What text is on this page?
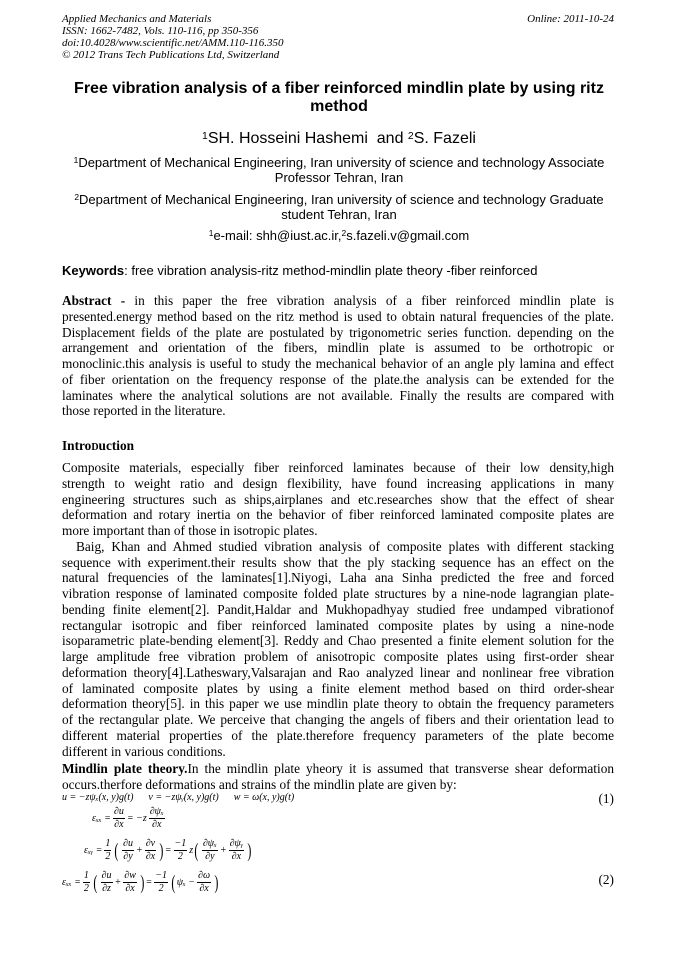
Applied Mechanics and Materials
ISSN: 1662-7482, Vols. 110-116, pp 350-356
doi:10.4028/www.scientific.net/AMM.110-116.350
© 2012 Trans Tech Publications Ltd, Switzerland
Online: 2011-10-24
Free vibration analysis of a fiber reinforced mindlin plate by using ritz
method
$^1$SH. Hosseini Hashemi  and $^2$S. Fazeli
$^1$Department of Mechanical Engineering, Iran university of science and technology Associate
Professor Tehran, Iran
$^2$Department of Mechanical Engineering, Iran university of science and technology Graduate
student Tehran, Iran
$^1$e-mail: shh@iust.ac.ir,$^2$s.fazeli.v@gmail.com
Keywords: free vibration analysis-ritz method-mindlin plate theory -fiber reinforced
Abstract - in this paper the free vibration analysis of a fiber reinforced mindlin plate is
presented.energy method based on the ritz method is used to obtain natural frequencies of the plate.
Displacement fields of the plate are postulated by trigonometric series function. depending on the
arrangement and orientation of the fibers, mindlin plate is assumed to be orthotropic or
monoclinic.this analysis is useful to study the mechanical behavior of an angle ply lamina and effect
of fiber orientation on the frequency response of the plate.the analysis can be extended for the
laminates where the analytical solutions are not available. Finally the results are compared with
those reported in the literature.
IntroDuction
Composite materials, especially fiber reinforced laminates because of their low density,high
strength to weight ratio and design flexibility, have found increasing applications in many
engineering structures such as ships,airplanes and etc.researches show that the effect of shear
deformation and rotary inertia on the behavior of fiber reinforced laminated composite plates are
more important than of those in isotropic plates.
Baig, Khan and Ahmed studied vibration analysis of composite plates with different stacking
sequence with experiment.their results show that the ply stacking sequence has an effect on the
natural frequencies of the laminates[1].Niyogi, Laha ana Sinha predicted the free and forced
vibration response of laminated composite folded plate structures by a nine-node lagrangian plate-
bending finite element[2]. Pandit,Haldar and Mukhopadhyay studied free undamped vibrationof
rectangular isotropic and fiber reinforced laminated composite plates by using a nine-node
isoparametric plate-bending element[3]. Reddy and Chao presented a finite element solution for the
large amplitude free vibration problem of anisotropic composite plates using first-order shear
deformation theory[4].Latheswary,Valsarajan and Rao analyzed linear and nonlinear free vibration
of laminated composite plates by using a finite element method based on third order-shear
deformation theory[5]. in this paper we use mindlin plate theory to obtain the frequency parameters
of the rectangular plate. We perceive that changing the angels of fibers and their orientation lead to
different material properties of the plate.therefore frequency parameters of the plate become
different in various conditions.
Mindlin plate theory.In the mindlin plate yheory it is assumed that transverse shear deformation
occurs.therfore deformations and strains of the mindlin plate are given by:
u = −zψₓ(x, y)g(t)      v = −zψᵧ(x, y)g(t)      w = ω(x, y)g(t)	(1)
$\varepsilon_{xx} = \frac{\partial u}{\partial x} = -z$
∂ψₓ
∂x
εₓᵧ = $\frac{1}{2}$ ( ∂u
∂y
+ $\frac{\partial v}{\partial x}$ ) = $\frac{-1}{2}$ z ( ∂ψₓ
∂y
+ $\frac{\text{∂ψᵧ}}{\partial x}$ )
$\varepsilon_{xx} = \frac{1}{2}$ ( ∂u
∂z
+ $\frac{\partial w}{\partial x}$ ) = $\frac{-1}{2}$ ( $\psi_x - \frac{\partial\omega}{\partial x}$ )	(2)
